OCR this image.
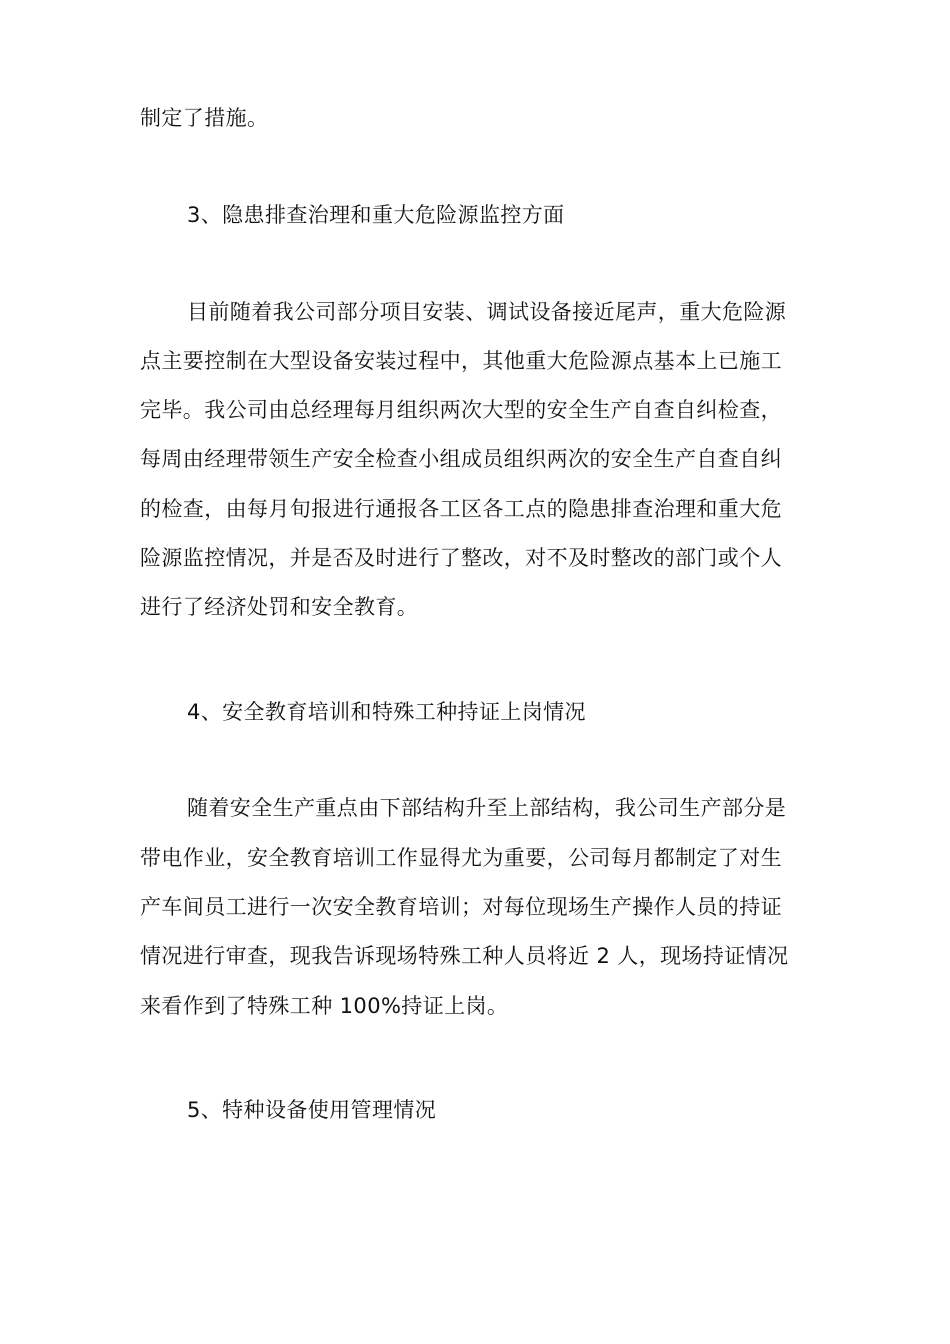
制定了措施。
3、隐患排查治理和重大危险源监控方面
目前随着我公司部分项目安装、调试设备接近尾声，重大危险源
点主要控制在大型设备安装过程中，其他重大危险源点基本上已施工
完毕。我公司由总经理每月组织两次大型的安全生产自查自纠检查，
每周由经理带领生产安全检查小组成员组织两次的安全生产自查自纠
的检查，由每月旬报进行通报各工区各工点的隐患排查治理和重大危
险源监控情况，并是否及时进行了整改，对不及时整改的部门或个人
进行了经济处罚和安全教育。
4、安全教育培训和特殊工种持证上岗情况
随着安全生产重点由下部结构升至上部结构，我公司生产部分是
带电作业，安全教育培训工作显得尤为重要，公司每月都制定了对生
产车间员工进行一次安全教育培训；对每位现场生产操作人员的持证
情况进行审查，现我告诉现场特殊工种人员将近 2 人，现场持证情况
来看作到了特殊工种 100%持证上岗。
5、特种设备使用管理情况
